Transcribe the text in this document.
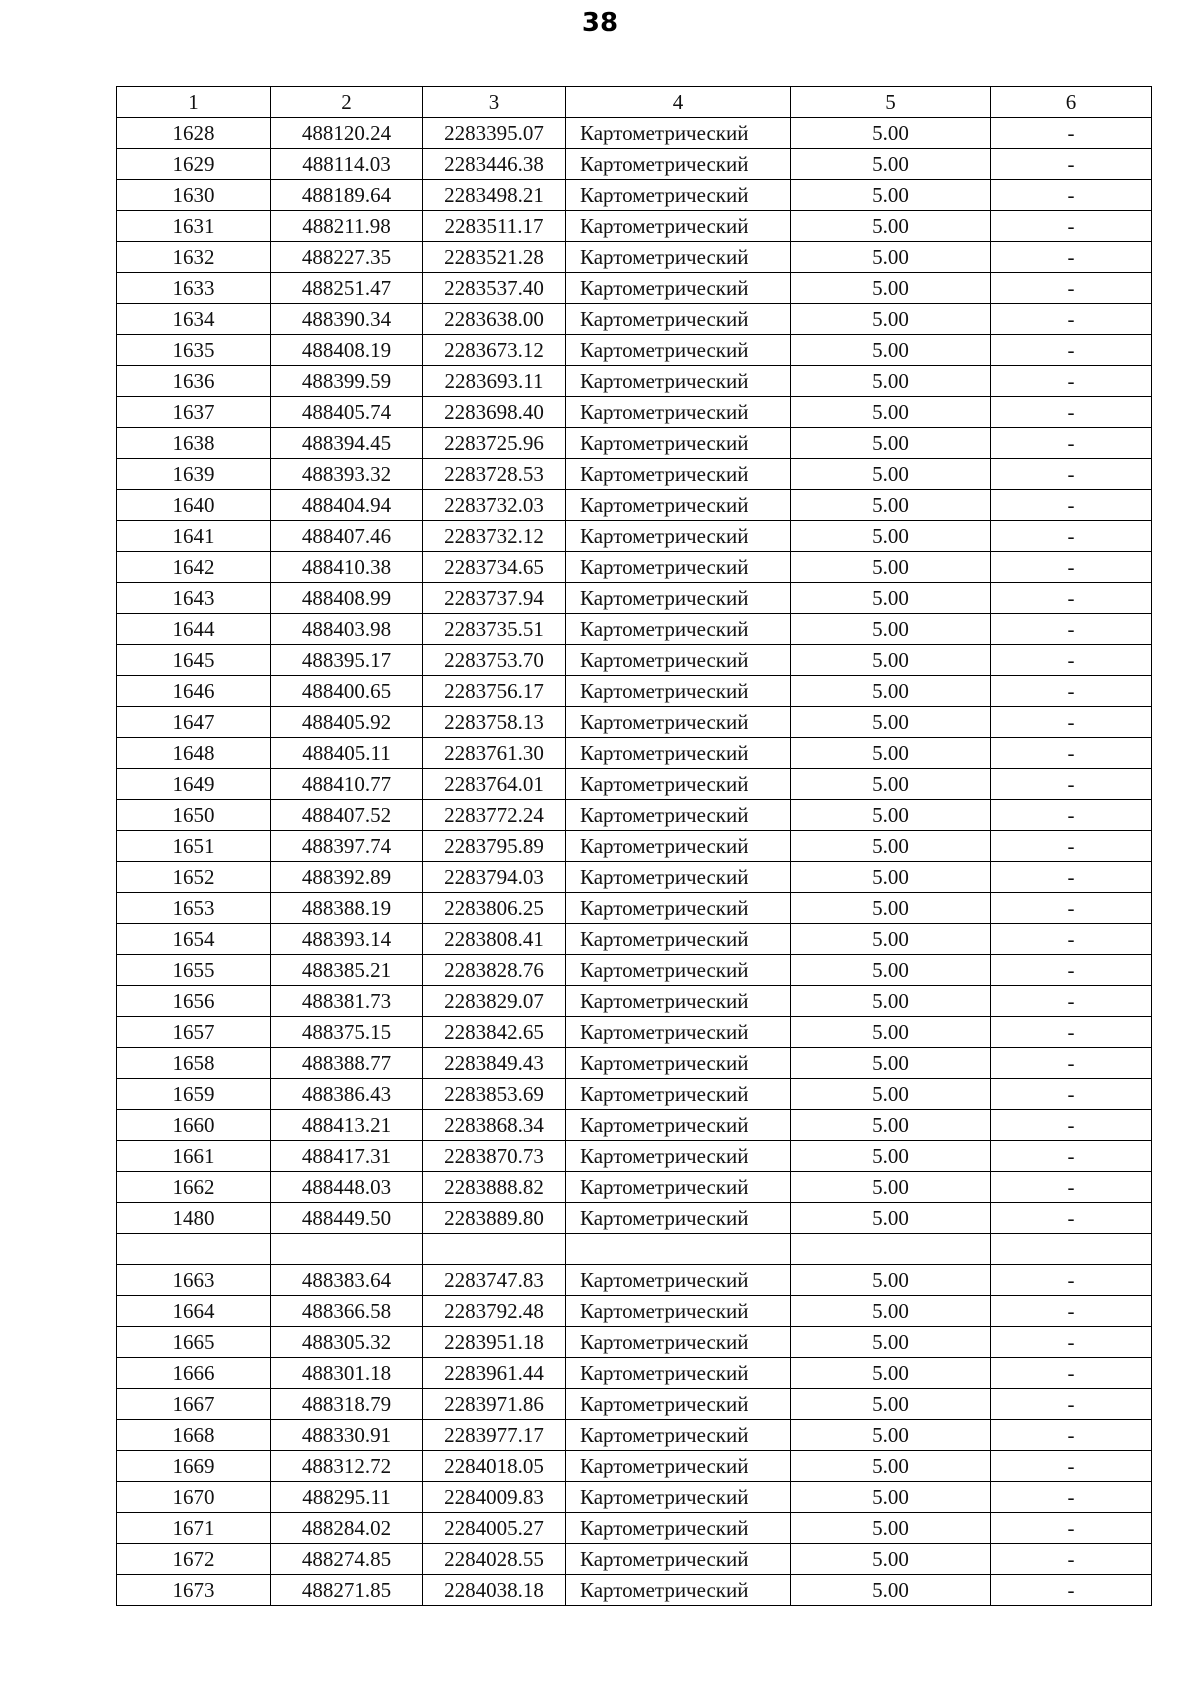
38
1	2	3	4	5	6
1628	488120.24	2283395.07	Картометрический	5.00	-
1629	488114.03	2283446.38	Картометрический	5.00	-
1630	488189.64	2283498.21	Картометрический	5.00	-
1631	488211.98	2283511.17	Картометрический	5.00	-
1632	488227.35	2283521.28	Картометрический	5.00	-
1633	488251.47	2283537.40	Картометрический	5.00	-
1634	488390.34	2283638.00	Картометрический	5.00	-
1635	488408.19	2283673.12	Картометрический	5.00	-
1636	488399.59	2283693.11	Картометрический	5.00	-
1637	488405.74	2283698.40	Картометрический	5.00	-
1638	488394.45	2283725.96	Картометрический	5.00	-
1639	488393.32	2283728.53	Картометрический	5.00	-
1640	488404.94	2283732.03	Картометрический	5.00	-
1641	488407.46	2283732.12	Картометрический	5.00	-
1642	488410.38	2283734.65	Картометрический	5.00	-
1643	488408.99	2283737.94	Картометрический	5.00	-
1644	488403.98	2283735.51	Картометрический	5.00	-
1645	488395.17	2283753.70	Картометрический	5.00	-
1646	488400.65	2283756.17	Картометрический	5.00	-
1647	488405.92	2283758.13	Картометрический	5.00	-
1648	488405.11	2283761.30	Картометрический	5.00	-
1649	488410.77	2283764.01	Картометрический	5.00	-
1650	488407.52	2283772.24	Картометрический	5.00	-
1651	488397.74	2283795.89	Картометрический	5.00	-
1652	488392.89	2283794.03	Картометрический	5.00	-
1653	488388.19	2283806.25	Картометрический	5.00	-
1654	488393.14	2283808.41	Картометрический	5.00	-
1655	488385.21	2283828.76	Картометрический	5.00	-
1656	488381.73	2283829.07	Картометрический	5.00	-
1657	488375.15	2283842.65	Картометрический	5.00	-
1658	488388.77	2283849.43	Картометрический	5.00	-
1659	488386.43	2283853.69	Картометрический	5.00	-
1660	488413.21	2283868.34	Картометрический	5.00	-
1661	488417.31	2283870.73	Картометрический	5.00	-
1662	488448.03	2283888.82	Картометрический	5.00	-
1480	488449.50	2283889.80	Картометрический	5.00	-

1663	488383.64	2283747.83	Картометрический	5.00	-
1664	488366.58	2283792.48	Картометрический	5.00	-
1665	488305.32	2283951.18	Картометрический	5.00	-
1666	488301.18	2283961.44	Картометрический	5.00	-
1667	488318.79	2283971.86	Картометрический	5.00	-
1668	488330.91	2283977.17	Картометрический	5.00	-
1669	488312.72	2284018.05	Картометрический	5.00	-
1670	488295.11	2284009.83	Картометрический	5.00	-
1671	488284.02	2284005.27	Картометрический	5.00	-
1672	488274.85	2284028.55	Картометрический	5.00	-
1673	488271.85	2284038.18	Картометрический	5.00	-
